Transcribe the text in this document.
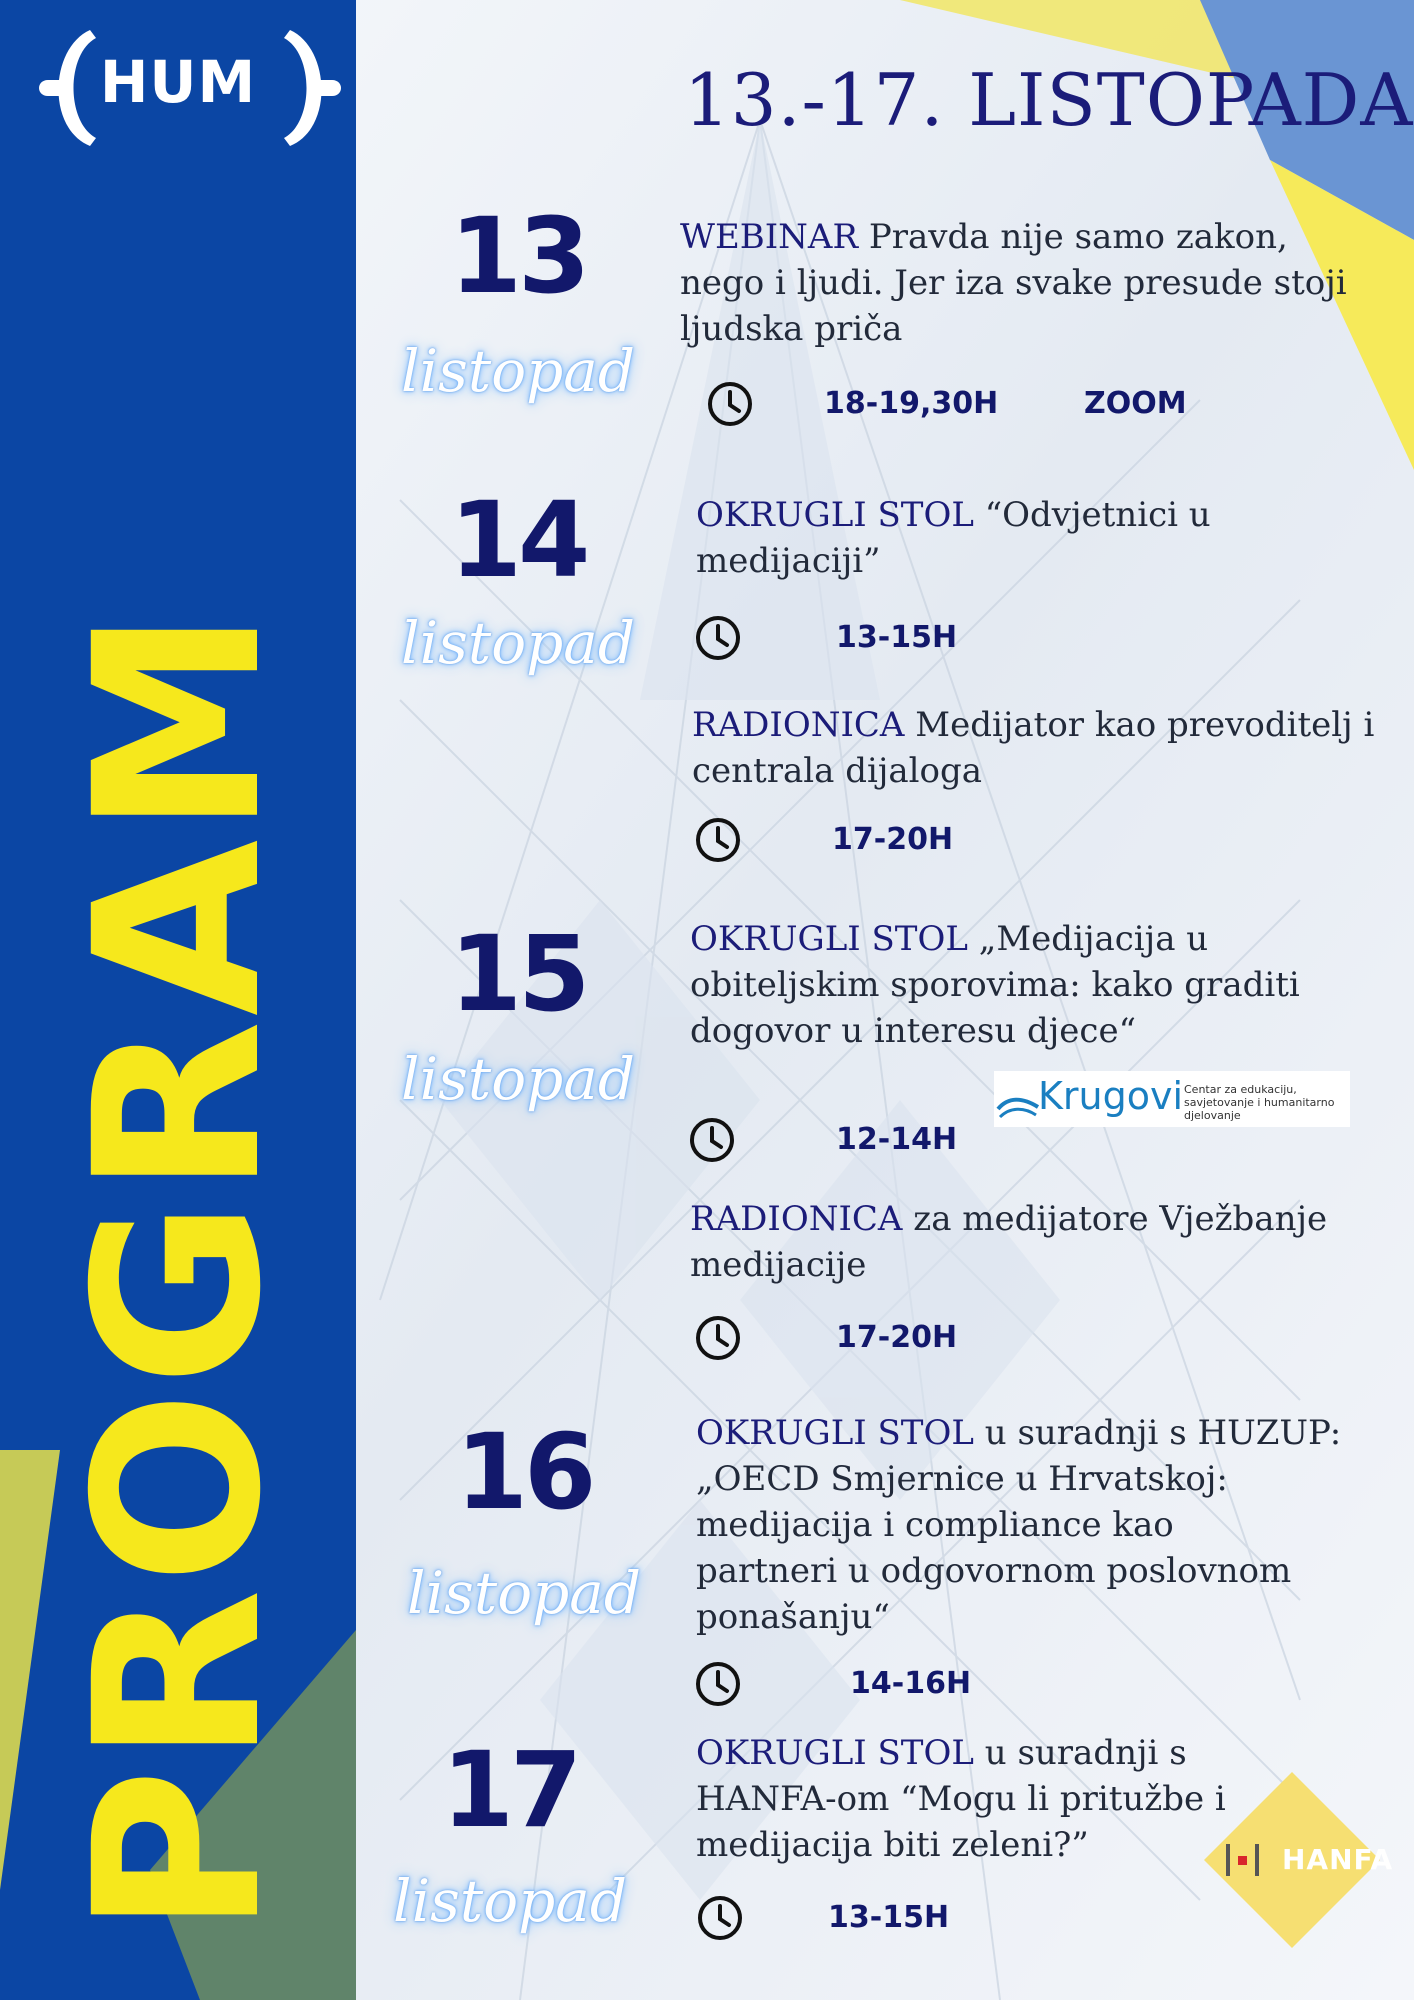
HUM
PROGRAM
13.-17. LISTOPADA
13
listopad
14
listopad
15
listopad
16
listopad
17
listopad
WEBINAR Pravda nije samo zakon,
nego i ljudi. Jer iza svake presude stoji
ljudska priča
18-19,30H	ZOOM
OKRUGLI STOL “Odvjetnici u
medijaciji”
13-15H
RADIONICA Medijator kao prevoditelj i
centrala dijaloga
17-20H
OKRUGLI STOL „Medijacija u
obiteljskim sporovima: kako graditi
dogovor u interesu djece“
Krugovi Centar za edukaciju, savjetovanje i humanitarno djelovanje
12-14H
RADIONICA za medijatore Vježbanje
medijacije
17-20H
OKRUGLI STOL u suradnji s HUZUP:
„OECD Smjernice u Hrvatskoj:
medijacija i compliance kao
partneri u odgovornom poslovnom
ponašanju“
14-16H
OKRUGLI STOL u suradnji s
HANFA-om “Mogu li pritužbe i
medijacija biti zeleni?”
13-15H
HANFA
